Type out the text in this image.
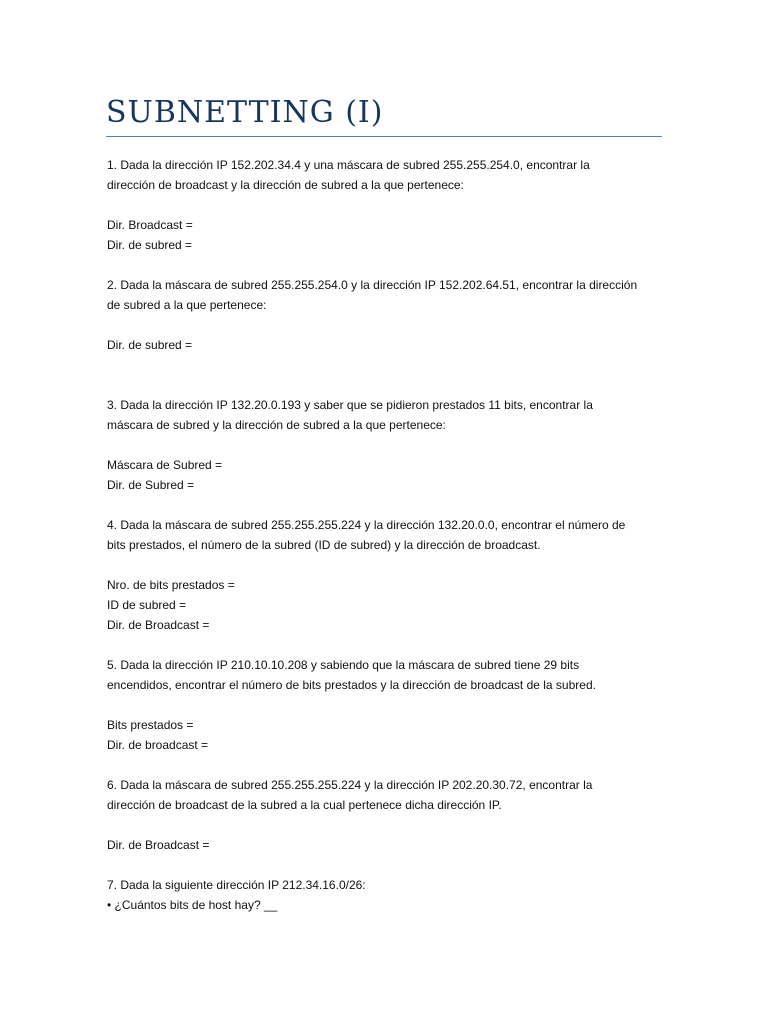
SUBNETTING (I)

1. Dada la dirección IP 152.202.34.4 y una máscara de subred 255.255.254.0, encontrar la

dirección de broadcast y la dirección de subred a la que pertenece:

Dir. Broadcast =

Dir. de subred =

2. Dada la máscara de subred 255.255.254.0 y la dirección IP 152.202.64.51, encontrar la dirección

de subred a la que pertenece:

Dir. de subred =

3. Dada la dirección IP 132.20.0.193 y saber que se pidieron prestados 11 bits, encontrar la

máscara de subred y la dirección de subred a la que pertenece:

Máscara de Subred =

Dir. de Subred =

4. Dada la máscara de subred 255.255.255.224 y la dirección 132.20.0.0, encontrar el número de

bits prestados, el número de la subred (ID de subred) y la dirección de broadcast.

Nro. de bits prestados =

ID de subred =

Dir. de Broadcast =

5. Dada la dirección IP 210.10.10.208 y sabiendo que la máscara de subred tiene 29 bits

encendidos, encontrar el número de bits prestados y la dirección de broadcast de la subred.

Bits prestados =

Dir. de broadcast =

6. Dada la máscara de subred 255.255.255.224 y la dirección IP 202.20.30.72, encontrar la

dirección de broadcast de la subred a la cual pertenece dicha dirección IP.

Dir. de Broadcast =

7. Dada la siguiente dirección IP 212.34.16.0/26:

• ¿Cuántos bits de host hay? __
